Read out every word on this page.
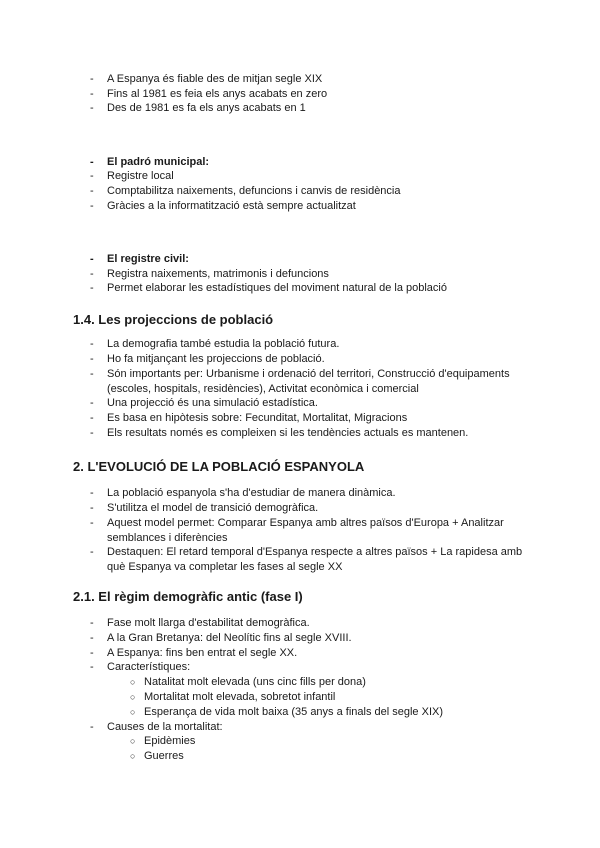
- A Espanya és fiable des de mitjan segle XIX
- Fins al 1981 es feia els anys acabats en zero
- Des de 1981 es fa els anys acabats en 1
- El padró municipal:
- Registre local
- Comptabilitza naixements, defuncions i canvis de residència
- Gràcies a la informatització està sempre actualitzat
- El registre civil:
- Registra naixements, matrimonis i defuncions
- Permet elaborar les estadístiques del moviment natural de la població
1.4. Les projeccions de població
- La demografia també estudia la població futura.
- Ho fa mitjançant les projeccions de població.
- Són importants per: Urbanisme i ordenació del territori, Construcció d'equipaments (escoles, hospitals, residències), Activitat econòmica i comercial
- Una projecció és una simulació estadística.
- Es basa en hipòtesis sobre: Fecunditat, Mortalitat, Migracions
- Els resultats només es compleixen si les tendències actuals es mantenen.
2. L'EVOLUCIÓ DE LA POBLACIÓ ESPANYOLA
- La població espanyola s'ha d'estudiar de manera dinàmica.
- S'utilitza el model de transició demogràfica.
- Aquest model permet: Comparar Espanya amb altres països d'Europa + Analitzar semblances i diferències
- Destaquen: El retard temporal d'Espanya respecte a altres països + La rapidesa amb què Espanya va completar les fases al segle XX
2.1. El règim demogràfic antic (fase I)
- Fase molt llarga d'estabilitat demogràfica.
- A la Gran Bretanya: del Neolític fins al segle XVIII.
- A Espanya: fins ben entrat el segle XX.
- Característiques:
○ Natalitat molt elevada (uns cinc fills per dona)
○ Mortalitat molt elevada, sobretot infantil
○ Esperança de vida molt baixa (35 anys a finals del segle XIX)
- Causes de la mortalitat:
○ Epidèmies
○ Guerres
